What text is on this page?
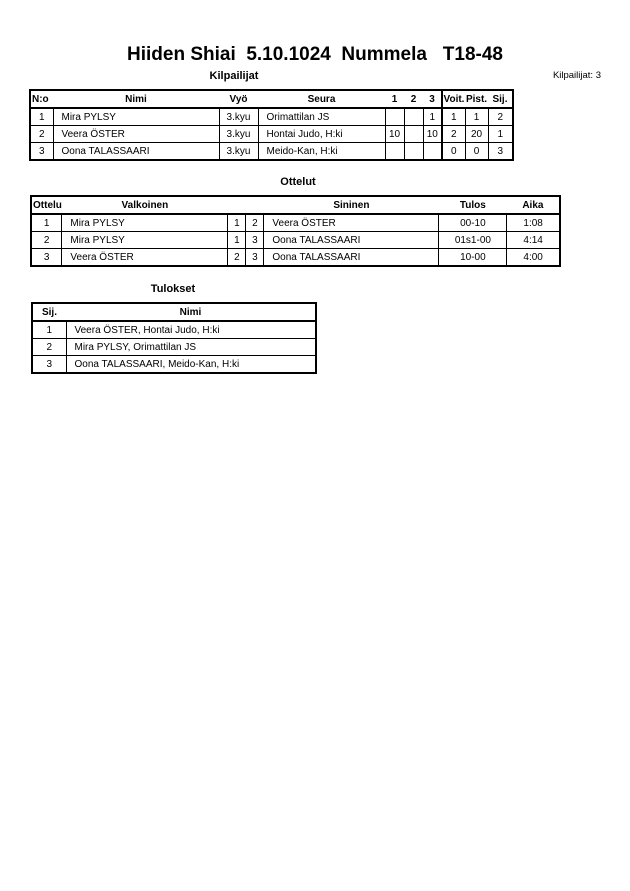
Hiiden Shiai  5.10.1024  Nummela   T18-48
Kilpailijat	Kilpailijat: 3
N:o	Nimi	Vyö	Seura	1	2	3	Voit.	Pist.	Sij.
1	Mira PYLSY	3.kyu	Orimattilan JS			1	1	1	2
2	Veera ÖSTER	3.kyu	Hontai Judo, H:ki	10		10	2	20	1
3	Oona TALASSAARI	3.kyu	Meido-Kan, H:ki				0	0	3
Ottelut
Ottelu	Valkoinen			Sininen	Tulos	Aika
1	Mira PYLSY	1	2	Veera ÖSTER	00-10	1:08
2	Mira PYLSY	1	3	Oona TALASSAARI	01s1-00	4:14
3	Veera ÖSTER	2	3	Oona TALASSAARI	10-00	4:00
Tulokset
Sij.	Nimi
1	Veera ÖSTER, Hontai Judo, H:ki
2	Mira PYLSY, Orimattilan JS
3	Oona TALASSAARI, Meido-Kan, H:ki
